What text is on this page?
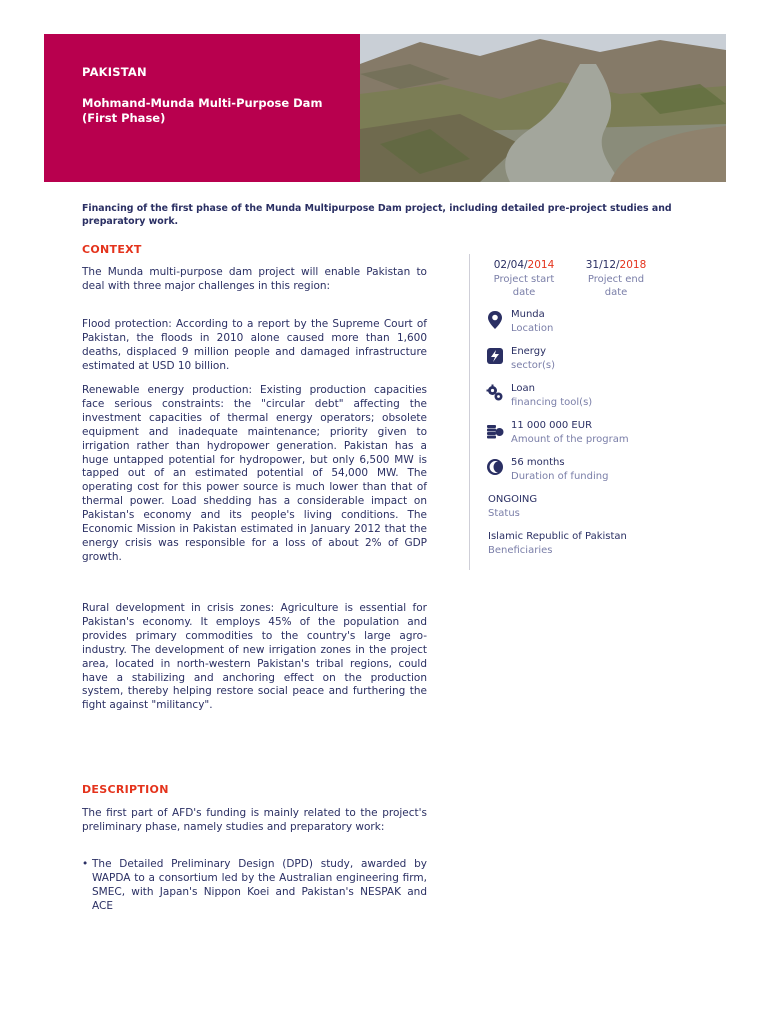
PAKISTAN
Mohmand-Munda Multi-Purpose Dam (First Phase)
Financing of the first phase of the Munda Multipurpose Dam project, including detailed pre-project studies and preparatory work.
CONTEXT

The Munda multi-purpose dam project will enable Pakistan to deal with three major challenges in this region:

Flood protection: According to a report by the Supreme Court of Pakistan, the floods in 2010 alone caused more than 1,600 deaths, displaced 9 million people and damaged infrastructure estimated at USD 10 billion.

Renewable energy production: Existing production capacities face serious constraints: the "circular debt" affecting the investment capacities of thermal energy operators; obsolete equipment and inadequate maintenance; priority given to irrigation rather than hydropower generation. Pakistan has a huge untapped potential for hydropower, but only 6,500 MW is tapped out of an estimated potential of 54,000 MW. The operating cost for this power source is much lower than that of thermal power. Load shedding has a considerable impact on Pakistan's economy and its people's living conditions. The Economic Mission in Pakistan estimated in January 2012 that the energy crisis was responsible for a loss of about 2% of GDP growth.

Rural development in crisis zones: Agriculture is essential for Pakistan's economy. It employs 45% of the population and provides primary commodities to the country's large agro-industry. The development of new irrigation zones in the project area, located in north-western Pakistan's tribal regions, could have a stabilizing and anchoring effect on the production system, thereby helping restore social peace and furthering the fight against "militancy".

DESCRIPTION

The first part of AFD's funding is mainly related to the project's preliminary phase, namely studies and preparatory work:

• The Detailed Preliminary Design (DPD) study, awarded by WAPDA to a consortium led by the Australian engineering firm, SMEC, with Japan's Nippon Koei and Pakistan's NESPAK and ACE
02/04/2014
Project start date
31/12/2018
Project end date
Munda
Location
Energy
sector(s)
Loan
financing tool(s)
11 000 000 EUR
Amount of the program
56 months
Duration of funding
ONGOING
Status
Islamic Republic of Pakistan
Beneficiaries
